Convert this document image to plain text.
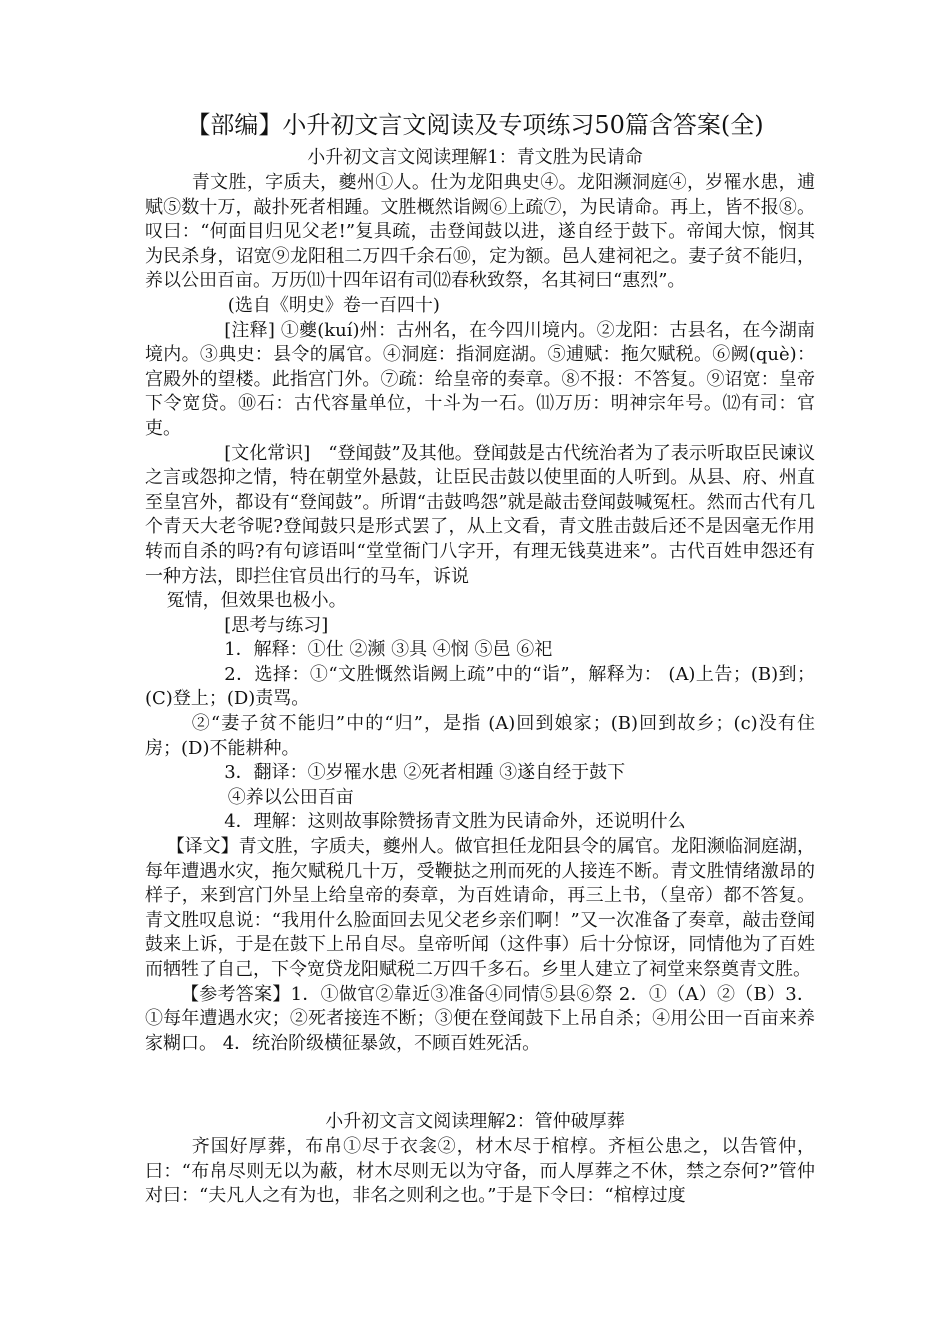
【部编】小升初文言文阅读及专项练习50篇含答案(全)
小升初文言文阅读理解1：青文胜为民请命

青文胜，字质夫，夔州①人。仕为龙阳典史④。龙阳濒洞庭④，岁罹水患，逋赋⑤数十万，敲扑死者相踵。文胜概然诣阙⑥上疏⑦，为民请命。再上，皆不报⑧。叹曰：“何面目归见父老!”复具疏，击登闻鼓以进，遂自经于鼓下。帝闻大惊，悯其为民杀身，诏宽⑨龙阳租二万四千余石⑩，定为额。邑人建祠祀之。妻子贫不能归，养以公田百亩。万历⑾十四年诏有司⑿春秋致祭，名其祠曰“惠烈”。

(选自《明史》卷一百四十)

[注释] ①夔(kuí)州：古州名，在今四川境内。②龙阳：古县名，在今湖南境内。③典史：县令的属官。④洞庭：指洞庭湖。⑤逋赋：拖欠赋税。⑥阙(què)：宫殿外的望楼。此指宫门外。⑦疏：给皇帝的奏章。⑧不报：不答复。⑨诏宽：皇帝下令宽贷。⑩石：古代容量单位，十斗为一石。⑾万历：明神宗年号。⑿有司：官吏。

[文化常识]　“登闻鼓”及其他。登闻鼓是古代统治者为了表示听取臣民谏议之言或怨抑之情，特在朝堂外悬鼓，让臣民击鼓以使里面的人听到。从县、府、州直至皇宫外，都设有“登闻鼓”。所谓“击鼓鸣怨”就是敲击登闻鼓喊冤枉。然而古代有几个青天大老爷呢?登闻鼓只是形式罢了，从上文看，青文胜击鼓后还不是因毫无作用转而自杀的吗?有句谚语叫“堂堂衙门八字开，有理无钱莫进来”。古代百姓申怨还有一种方法，即拦住官员出行的马车，诉说

冤情，但效果也极小。

[思考与练习]

1．解释：①仕 ②濒 ③具 ④悯 ⑤邑 ⑥祀

2．选择：①“文胜慨然诣阙上疏”中的“诣”，解释为： (A)上告；(B)到；(C)登上；(D)责骂。

②“妻子贫不能归”中的“归”，是指 (A)回到娘家；(B)回到故乡；(c)没有住房；(D)不能耕种。

3．翻译：①岁罹水患 ②死者相踵 ③遂自经于鼓下

④养以公田百亩

4．理解：这则故事除赞扬青文胜为民请命外，还说明什么

【译文】青文胜，字质夫，夔州人。做官担任龙阳县令的属官。龙阳濒临洞庭湖，每年遭遇水灾，拖欠赋税几十万，受鞭挞之刑而死的人接连不断。青文胜情绪激昂的样子，来到宫门外呈上给皇帝的奏章，为百姓请命，再三上书，（皇帝）都不答复。青文胜叹息说：“我用什么脸面回去见父老乡亲们啊！”又一次准备了奏章，敲击登闻鼓来上诉，于是在鼓下上吊自尽。皇帝听闻（这件事）后十分惊讶，同情他为了百姓而牺牲了自己，下令宽贷龙阳赋税二万四千多石。乡里人建立了祠堂来祭奠青文胜。

【参考答案】1．①做官②靠近③准备④同情⑤县⑥祭 2．①（A）②（B）3．①每年遭遇水灾；②死者接连不断；③便在登闻鼓下上吊自杀；④用公田一百亩来养家糊口。 4．统治阶级横征暴敛，不顾百姓死活。

小升初文言文阅读理解2：管仲破厚葬

齐国好厚葬，布帛①尽于衣衾②，材木尽于棺椁。齐桓公患之，以告管仲，曰：“布帛尽则无以为蔽，材木尽则无以为守备，而人厚葬之不休，禁之奈何?”管仲对曰：“夫凡人之有为也，非名之则利之也。”于是下令曰：“棺椁过度
